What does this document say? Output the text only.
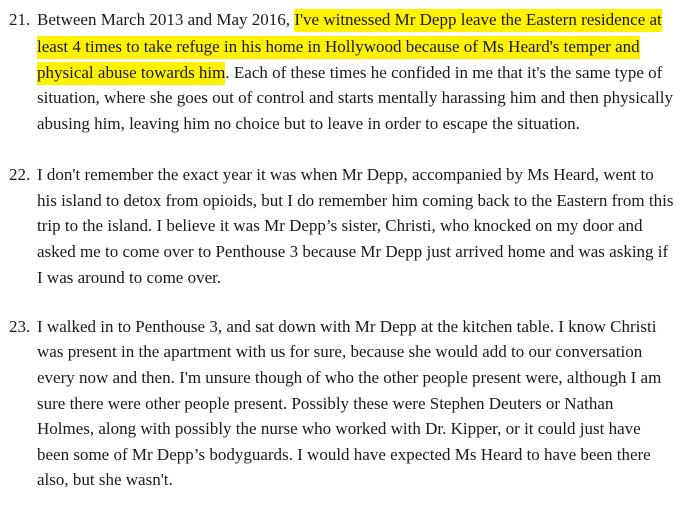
21. Between March 2013 and May 2016, I've witnessed Mr Depp leave the Eastern residence at
least 4 times to take refuge in his home in Hollywood because of Ms Heard's temper and
physical abuse towards him. Each of these times he confided in me that it's the same type of
situation, where she goes out of control and starts mentally harassing him and then physically
abusing him, leaving him no choice but to leave in order to escape the situation.
22. I don't remember the exact year it was when Mr Depp, accompanied by Ms Heard, went to
his island to detox from opioids, but I do remember him coming back to the Eastern from this
trip to the island. I believe it was Mr Depp’s sister, Christi, who knocked on my door and
asked me to come over to Penthouse 3 because Mr Depp just arrived home and was asking if
I was around to come over.
23. I walked in to Penthouse 3, and sat down with Mr Depp at the kitchen table. I know Christi
was present in the apartment with us for sure, because she would add to our conversation
every now and then. I'm unsure though of who the other people present were, although I am
sure there were other people present. Possibly these were Stephen Deuters or Nathan
Holmes, along with possibly the nurse who worked with Dr. Kipper, or it could just have
been some of Mr Depp’s bodyguards. I would have expected Ms Heard to have been there
also, but she wasn't.
